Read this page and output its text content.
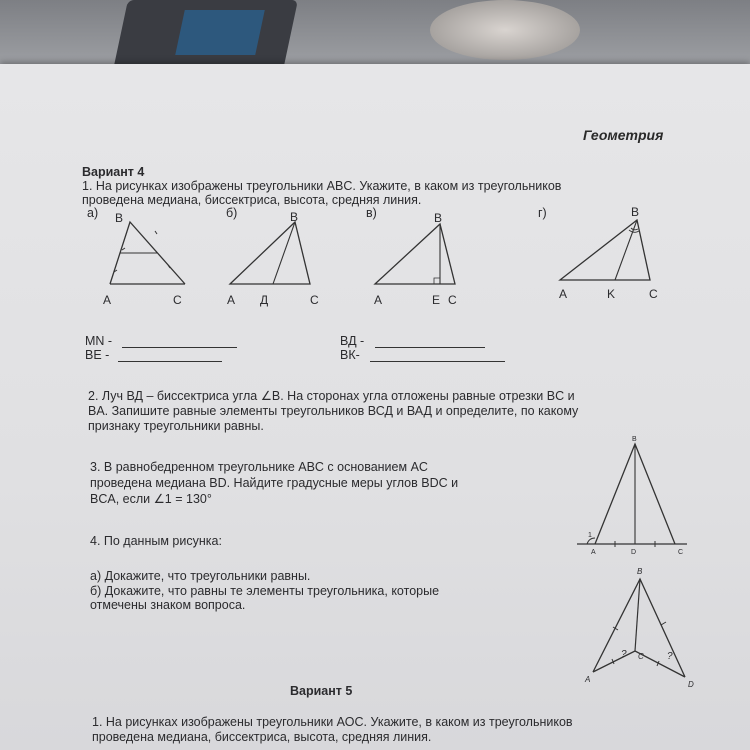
Геометрия
Вариант 4
1. На рисунках изображены треугольники ABC. Укажите, в каком из треугольников
проведена медиана, биссектриса, высота, средняя линия.
а)	б)	в)	г)
B
A	C
B
A Д	C
B
A	E C
B
A	K	C
MN -
BE -
ВД -
ВК-
2. Луч ВД – биссектриса угла ∠B. На сторонах угла отложены равные отрезки BC и
BA. Запишите равные элементы треугольников ВСД и ВАД и определите, по какому
признаку треугольники равны.
3. В равнобедренном треугольнике ABC с основанием AC
проведена медиана BD. Найдите градусные меры углов BDC и
BCA, если ∠1 = 130°
B
1
A	D	C
4. По данным рисунка:
а) Докажите, что треугольники равны.
б) Докажите, что равны те элементы треугольника, которые
отмечены знаком вопроса.
B
A
C
D
?	?
Вариант 5
1. На рисунках изображены треугольники АОС. Укажите, в каком из треугольников
проведена медиана, биссектриса, высота, средняя линия.
